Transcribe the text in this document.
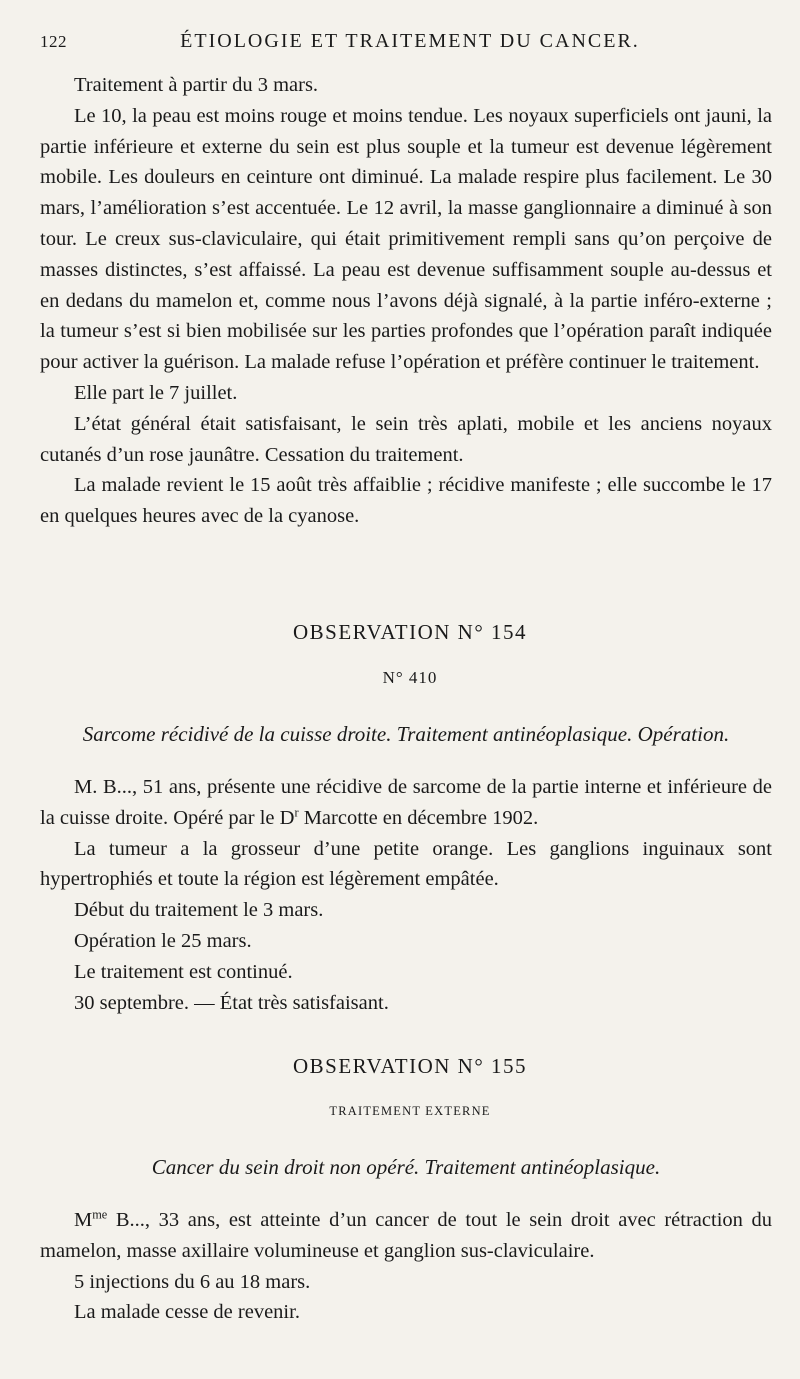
122	ÉTIOLOGIE ET TRAITEMENT DU CANCER.

Traitement à partir du 3 mars.

Le 10, la peau est moins rouge et moins tendue. Les noyaux superficiels ont jauni, la partie inférieure et externe du sein est plus souple et la tumeur est devenue légèrement mobile. Les douleurs en ceinture ont diminué. La malade respire plus facilement. Le 30 mars, l’amélioration s’est accentuée. Le 12 avril, la masse ganglionnaire a diminué à son tour. Le creux sus-claviculaire, qui était primitivement rempli sans qu’on perçoive de masses distinctes, s’est affaissé. La peau est devenue suffisamment souple au-dessus et en dedans du mamelon et, comme nous l’avons déjà signalé, à la partie inféro-externe ; la tumeur s’est si bien mobilisée sur les parties profondes que l’opération paraît indiquée pour activer la guérison. La malade refuse l’opération et préfère continuer le traitement.

Elle part le 7 juillet.

L’état général était satisfaisant, le sein très aplati, mobile et les anciens noyaux cutanés d’un rose jaunâtre. Cessation du traitement.

La malade revient le 15 août très affaiblie ; récidive manifeste ; elle succombe le 17 en quelques heures avec de la cyanose.

OBSERVATION N° 154
N° 410
Sarcome récidivé de la cuisse droite. Traitement antinéoplasique. Opération.

M. B..., 51 ans, présente une récidive de sarcome de la partie interne et inférieure de la cuisse droite. Opéré par le $D^r$ Marcotte en décembre 1902.

La tumeur a la grosseur d’une petite orange. Les ganglions inguinaux sont hypertrophiés et toute la région est légèrement empâtée.

Début du traitement le 3 mars.

Opération le 25 mars.

Le traitement est continué.

30 septembre. — État très satisfaisant.

OBSERVATION N° 155
TRAITEMENT EXTERNE
Cancer du sein droit non opéré. Traitement antinéoplasique.

$M^{me}$ B..., 33 ans, est atteinte d’un cancer de tout le sein droit avec rétraction du mamelon, masse axillaire volumineuse et ganglion sus-claviculaire.

5 injections du 6 au 18 mars.

La malade cesse de revenir.
